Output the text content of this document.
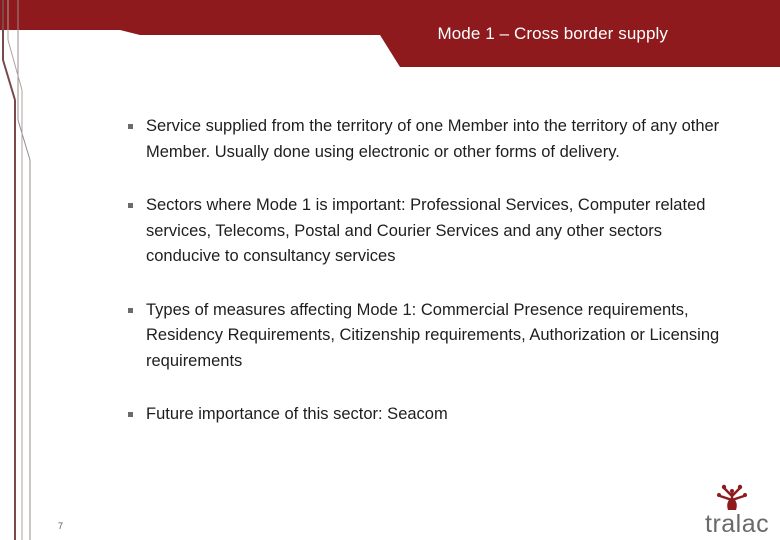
Mode 1 – Cross border supply
Service supplied from the territory of one Member into the territory of any other Member. Usually done using electronic or other forms of delivery.
Sectors where Mode 1 is important: Professional Services, Computer related services, Telecoms, Postal and Courier Services and any other sectors conducive to consultancy services
Types of measures affecting Mode 1: Commercial Presence requirements, Residency Requirements, Citizenship requirements, Authorization or Licensing requirements
Future importance of this sector: Seacom
7	tralac
